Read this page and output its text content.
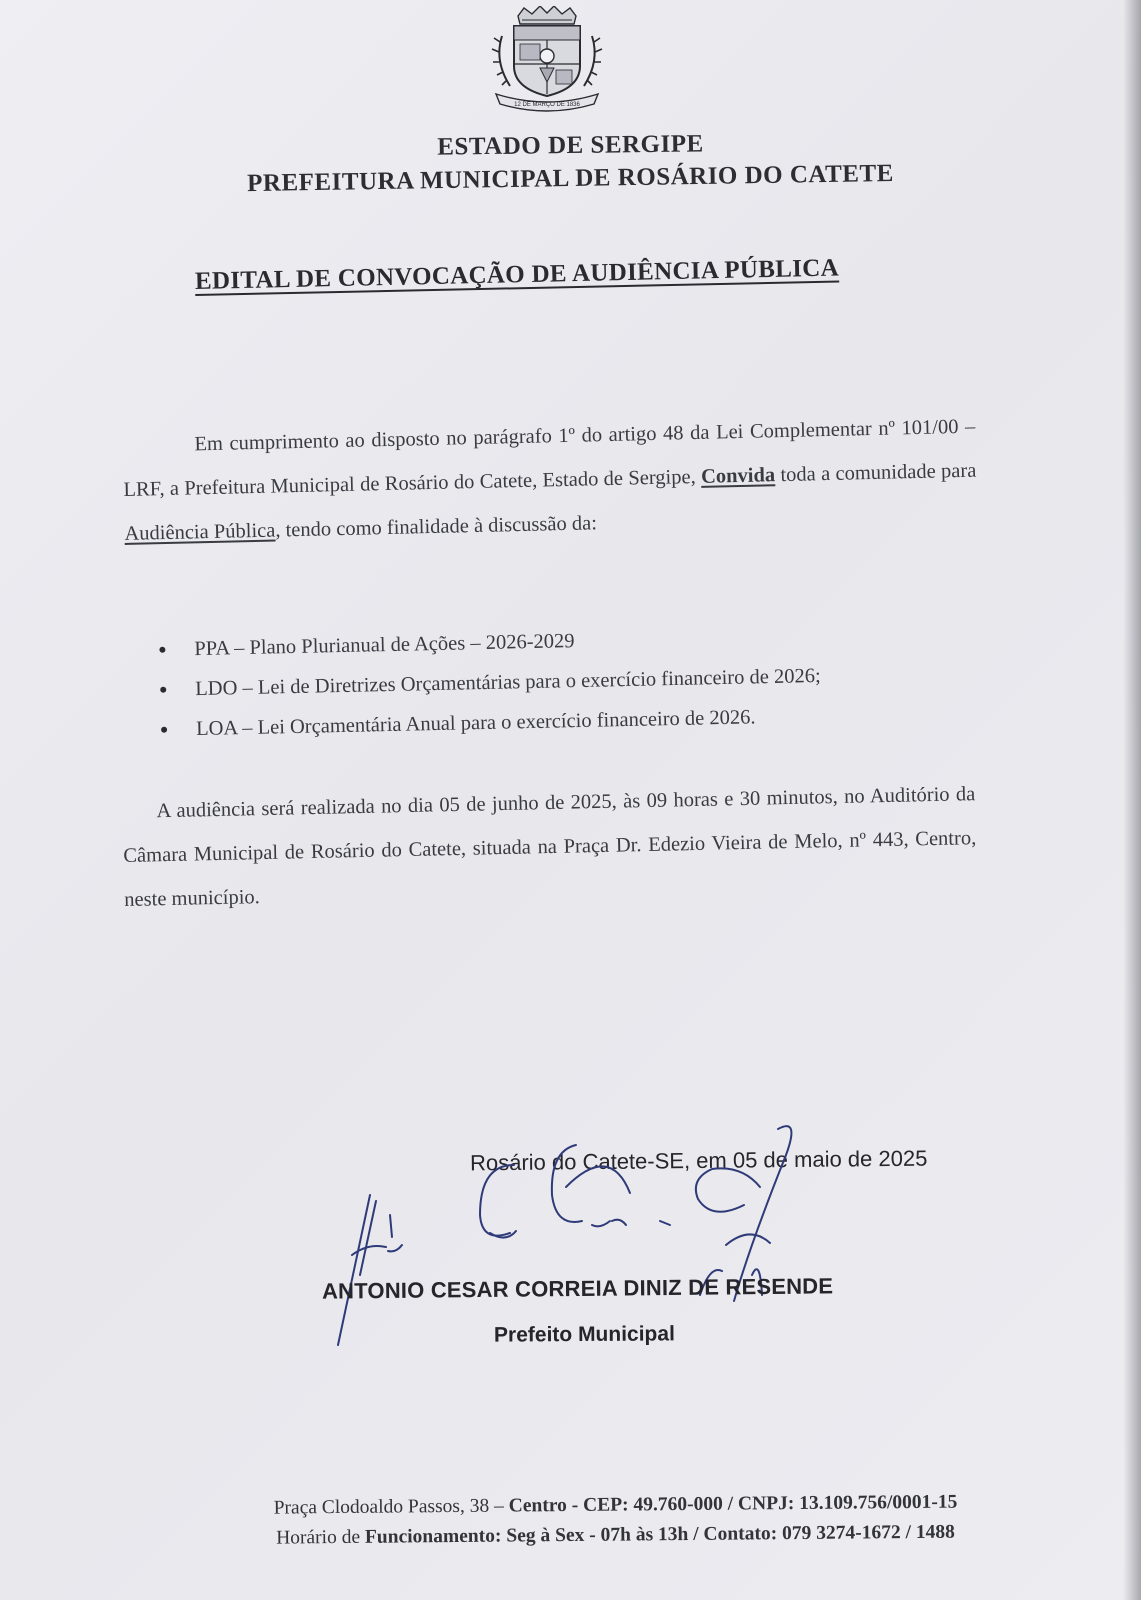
12 DE MARÇO DE 1836
ESTADO DE SERGIPE
PREFEITURA MUNICIPAL DE ROSÁRIO DO CATETE
EDITAL DE CONVOCAÇÃO DE AUDIÊNCIA PÚBLICA
Em cumprimento ao disposto no parágrafo 1º do artigo 48 da Lei Complementar nº 101/00 – LRF, a Prefeitura Municipal de Rosário do Catete, Estado de Sergipe, Convida toda a comunidade para Audiência Pública, tendo como finalidade à discussão da:
PPA – Plano Plurianual de Ações – 2026-2029
LDO – Lei de Diretrizes Orçamentárias para o exercício financeiro de 2026;
LOA – Lei Orçamentária Anual para o exercício financeiro de 2026.
A audiência será realizada no dia 05 de junho de 2025, às 09 horas e 30 minutos, no Auditório da Câmara Municipal de Rosário do Catete, situada na Praça Dr. Edezio Vieira de Melo, nº 443, Centro, neste município.
Rosário do Catete-SE, em 05 de maio de 2025
ANTONIO CESAR CORREIA DINIZ DE RESENDE
Prefeito Municipal
Praça Clodoaldo Passos, 38 – Centro - CEP: 49.760-000 / CNPJ: 13.109.756/0001-15
Horário de Funcionamento: Seg à Sex - 07h às 13h / Contato: 079 3274-1672 / 1488
